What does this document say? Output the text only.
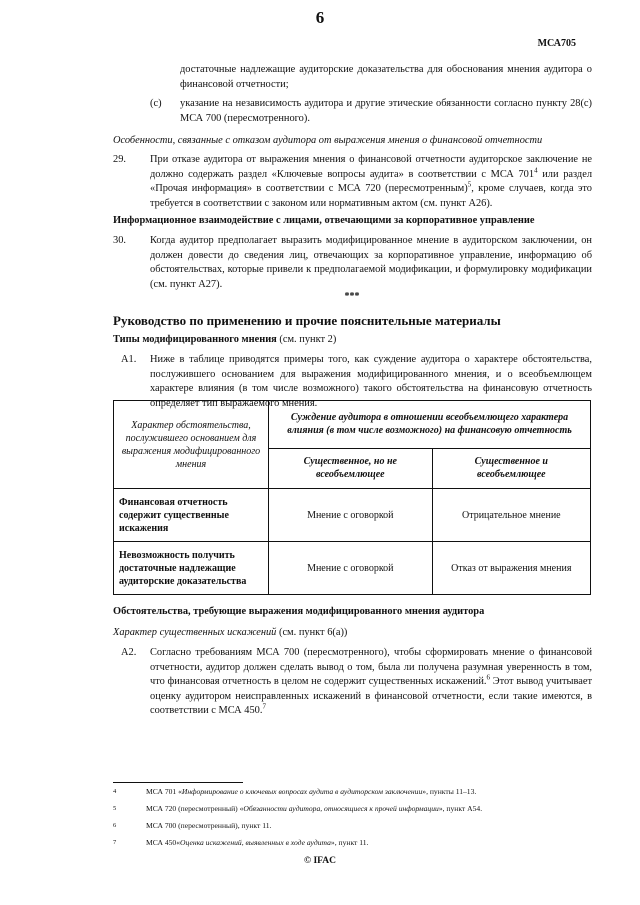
6
МСА705
достаточные надлежащие аудиторские доказательства для обоснования мнения аудитора о финансовой отчетности;
(c) указание на независимость аудитора и другие этические обязанности согласно пункту 28(с) МСА 700 (пересмотренного).
Особенности, связанные с отказом аудитора от выражения мнения о финансовой отчетности
29. При отказе аудитора от выражения мнения о финансовой отчетности аудиторское заключение не должно содержать раздел «Ключевые вопросы аудита» в соответствии с МСА $701^4$ или раздел «Прочая информация» в соответствии с МСА 720 (пересмотренным)$^5$, кроме случаев, когда это требуется в соответствии с законом или нормативным актом (см. пункт A26).
Информационное взаимодействие с лицами, отвечающими за корпоративное управление
30. Когда аудитор предполагает выразить модифицированное мнение в аудиторском заключении, он должен довести до сведения лиц, отвечающих за корпоративное управление, информацию об обстоятельствах, которые привели к предполагаемой модификации, и формулировку модификации (см. пункт A27).
***
Руководство по применению и прочие пояснительные материалы
Типы модифицированного мнения (см. пункт 2)
A1. Ниже в таблице приводятся примеры того, как суждение аудитора о характере обстоятельства, послужившего основанием для выражения модифицированного мнения, и о всеобъемлющем характере влияния (в том числе возможного) такого обстоятельства на финансовую отчетность определяет тип выражаемого мнения.
Характер обстоятельства, послужившего основанием для выражения модифицированного мнения	Суждение аудитора в отношении всеобъемлющего характера влияния (в том числе возможного) на финансовую отчетность	
	Существенное, но не всеобъемлющее	Существенное и всеобъемлющее
Финансовая отчетность содержит существенные искажения	Мнение с оговоркой	Отрицательное мнение
Невозможность получить достаточные надлежащие аудиторские доказательства	Мнение с оговоркой	Отказ от выражения мнения
Обстоятельства, требующие выражения модифицированного мнения аудитора
Характер существенных искажений (см. пункт 6(a))
A2. Согласно требованиям МСА 700 (пересмотренного), чтобы сформировать мнение о финансовой отчетности, аудитор должен сделать вывод о том, была ли получена разумная уверенность в том, что финансовая отчетность в целом не содержит существенных искажений.$^6$ Этот вывод учитывает оценку аудитором неисправленных искажений в финансовой отчетности, если такие имеются, в соответствии с МСА 450.$^7$
4	МСА 701 «Информирование о ключевых вопросах аудита в аудиторском заключении», пункты 11–13.
5	МСА 720 (пересмотренный) «Обязанности аудитора, относящиеся к прочей информации», пункт A54.
6	МСА 700 (пересмотренный), пункт 11.
7	МСА 450«Оценка искажений, выявленных в ходе аудита», пункт 11.
© IFAC
